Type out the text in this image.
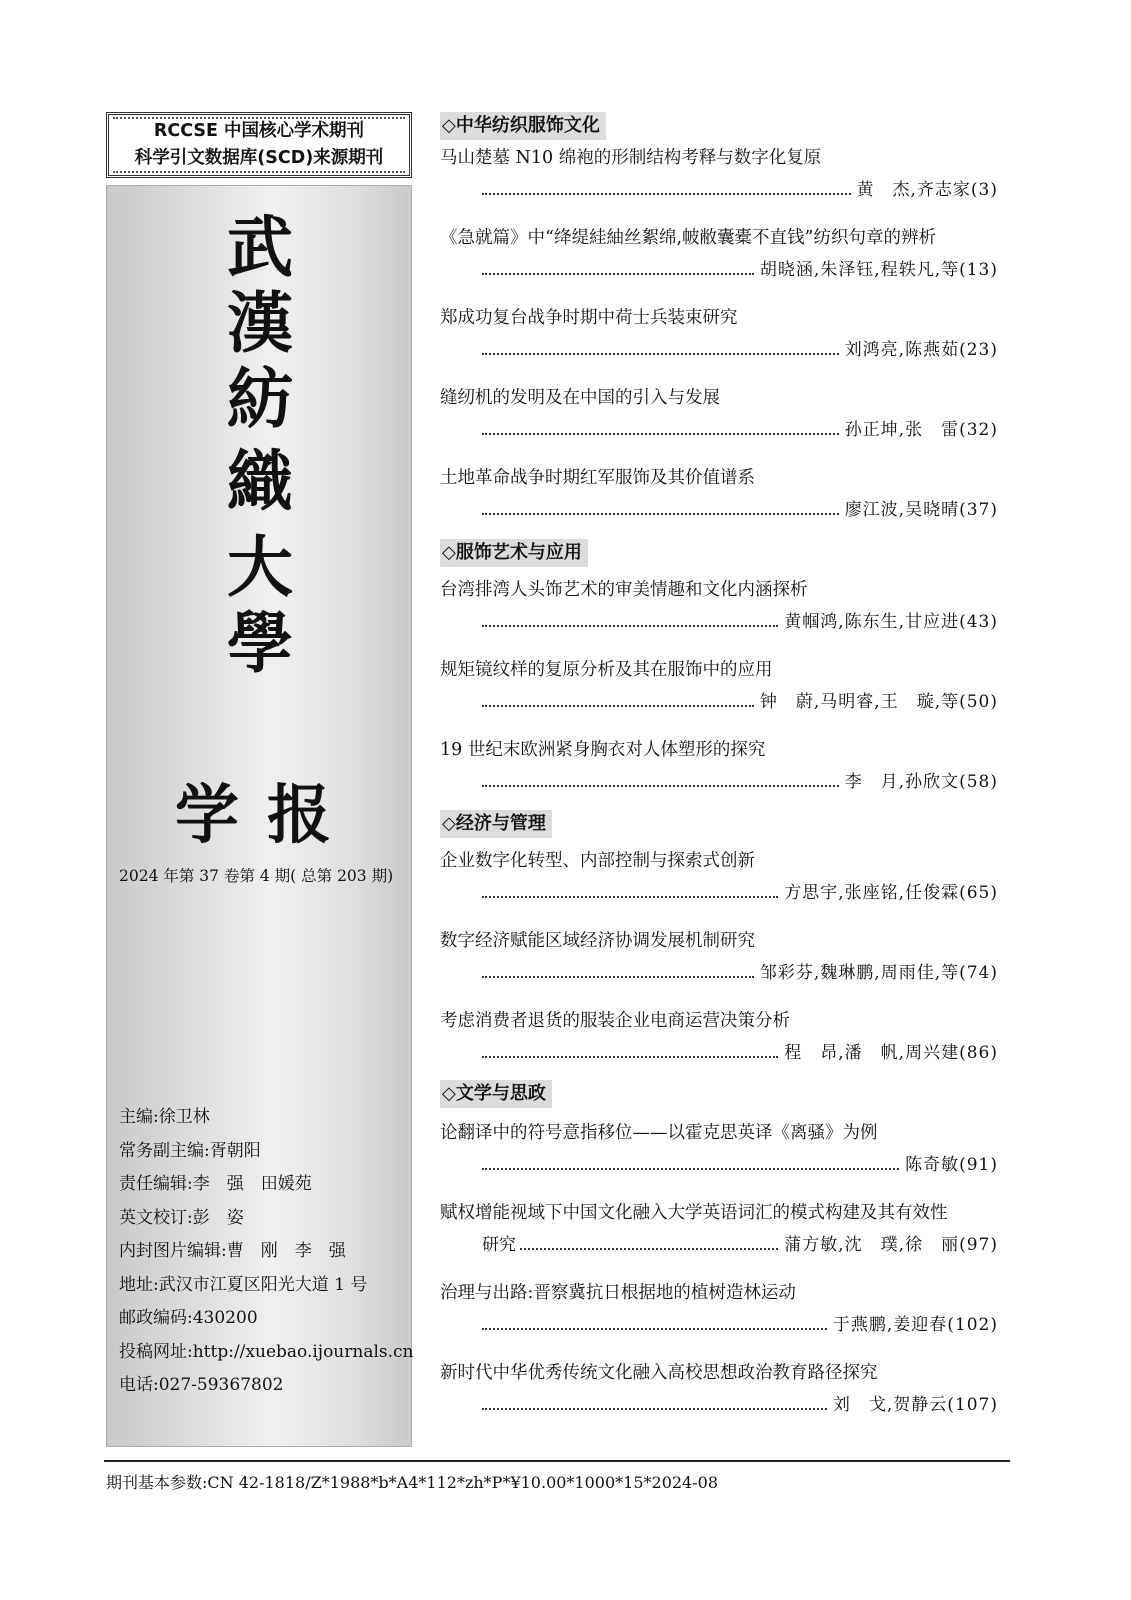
RCCSE 中国核心学术期刊
科学引文数据库(SCD)来源期刊
武
漢
紡
織
大
學
学报
2024 年第 37 卷第 4 期( 总第 203 期)
主编:徐卫林
常务副主编:胥朝阳
责任编辑:李　强　田媛苑
英文校订:彭　姿
内封图片编辑:曹　刚　李　强
地址:武汉市江夏区阳光大道 1 号
邮政编码:430200
投稿网址:http://xuebao.ijournals.cn
电话:027-59367802
◇中华纺织服饰文化
马山楚墓 N10 绵袍的形制结构考释与数字化复原
黄　杰,齐志家(3)
《急就篇》中“绛缇絓紬丝絮绵,帔敝囊橐不直钱”纺织句章的辨析
胡晓涵,朱泽钰,程轶凡,等(13)
郑成功复台战争时期中荷士兵装束研究
刘鸿亮,陈燕茹(23)
缝纫机的发明及在中国的引入与发展
孙正坤,张　雷(32)
土地革命战争时期红军服饰及其价值谱系
廖江波,吴晓晴(37)
◇服饰艺术与应用
台湾排湾人头饰艺术的审美情趣和文化内涵探析
黄帼鸿,陈东生,甘应进(43)
规矩镜纹样的复原分析及其在服饰中的应用
钟　蔚,马明睿,王　璇,等(50)
19 世纪末欧洲紧身胸衣对人体塑形的探究
李　月,孙欣文(58)
◇经济与管理
企业数字化转型、内部控制与探索式创新
方思宇,张座铭,任俊霖(65)
数字经济赋能区域经济协调发展机制研究
邹彩芬,魏琳鹏,周雨佳,等(74)
考虑消费者退货的服装企业电商运营决策分析
程　昂,潘　帆,周兴建(86)
◇文学与思政
论翻译中的符号意指移位——以霍克思英译《离骚》为例
陈奇敏(91)
赋权增能视域下中国文化融入大学英语词汇的模式构建及其有效性
研究	蒲方敏,沈　璞,徐　丽(97)
治理与出路:晋察冀抗日根据地的植树造林运动
于燕鹏,姜迎春(102)
新时代中华优秀传统文化融入高校思想政治教育路径探究
刘　戈,贺静云(107)
期刊基本参数:CN 42-1818/Z*1988*b*A4*112*zh*P*¥10.00*1000*15*2024-08
